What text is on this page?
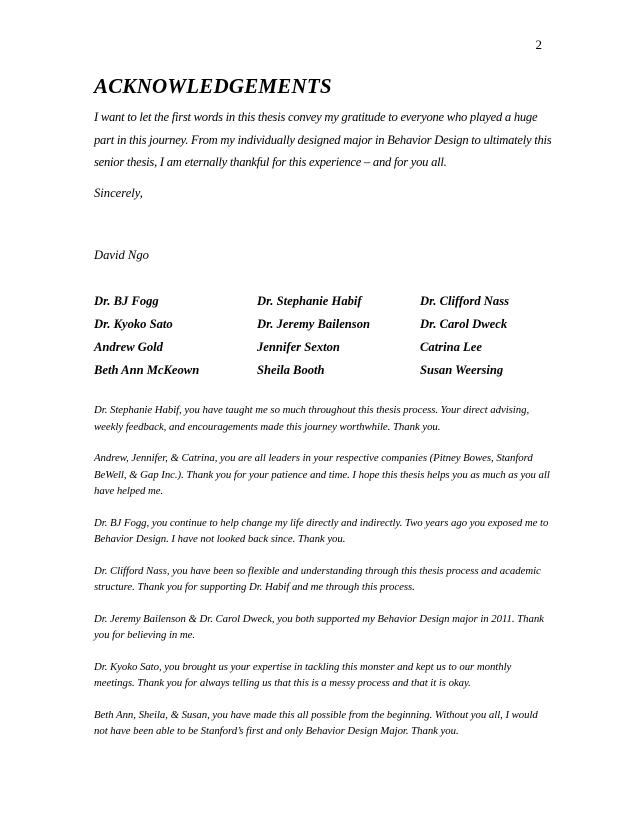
2
ACKNOWLEDGEMENTS

I want to let the first words in this thesis convey my gratitude to everyone who played a huge part in this journey. From my individually designed major in Behavior Design to ultimately this senior thesis, I am eternally thankful for this experience – and for you all.

Sincerely,

David Ngo

Dr. BJ Fogg	Dr. Stephanie Habif	Dr. Clifford Nass
Dr. Kyoko Sato	Dr. Jeremy Bailenson	Dr. Carol Dweck
Andrew Gold	Jennifer Sexton	Catrina Lee
Beth Ann McKeown	Sheila Booth	Susan Weersing

Dr. Stephanie Habif, you have taught me so much throughout this thesis process. Your direct advising, weekly feedback, and encouragements made this journey worthwhile. Thank you.

Andrew, Jennifer, & Catrina, you are all leaders in your respective companies (Pitney Bowes, Stanford BeWell, & Gap Inc.). Thank you for your patience and time. I hope this thesis helps you as much as you all have helped me.

Dr. BJ Fogg, you continue to help change my life directly and indirectly. Two years ago you exposed me to Behavior Design. I have not looked back since. Thank you.

Dr. Clifford Nass, you have been so flexible and understanding through this thesis process and academic structure. Thank you for supporting Dr. Habif and me through this process.

Dr. Jeremy Bailenson & Dr. Carol Dweck, you both supported my Behavior Design major in 2011. Thank you for believing in me.

Dr. Kyoko Sato, you brought us your expertise in tackling this monster and kept us to our monthly meetings. Thank you for always telling us that this is a messy process and that it is okay.

Beth Ann, Sheila, & Susan, you have made this all possible from the beginning. Without you all, I would not have been able to be Stanford’s first and only Behavior Design Major. Thank you.
